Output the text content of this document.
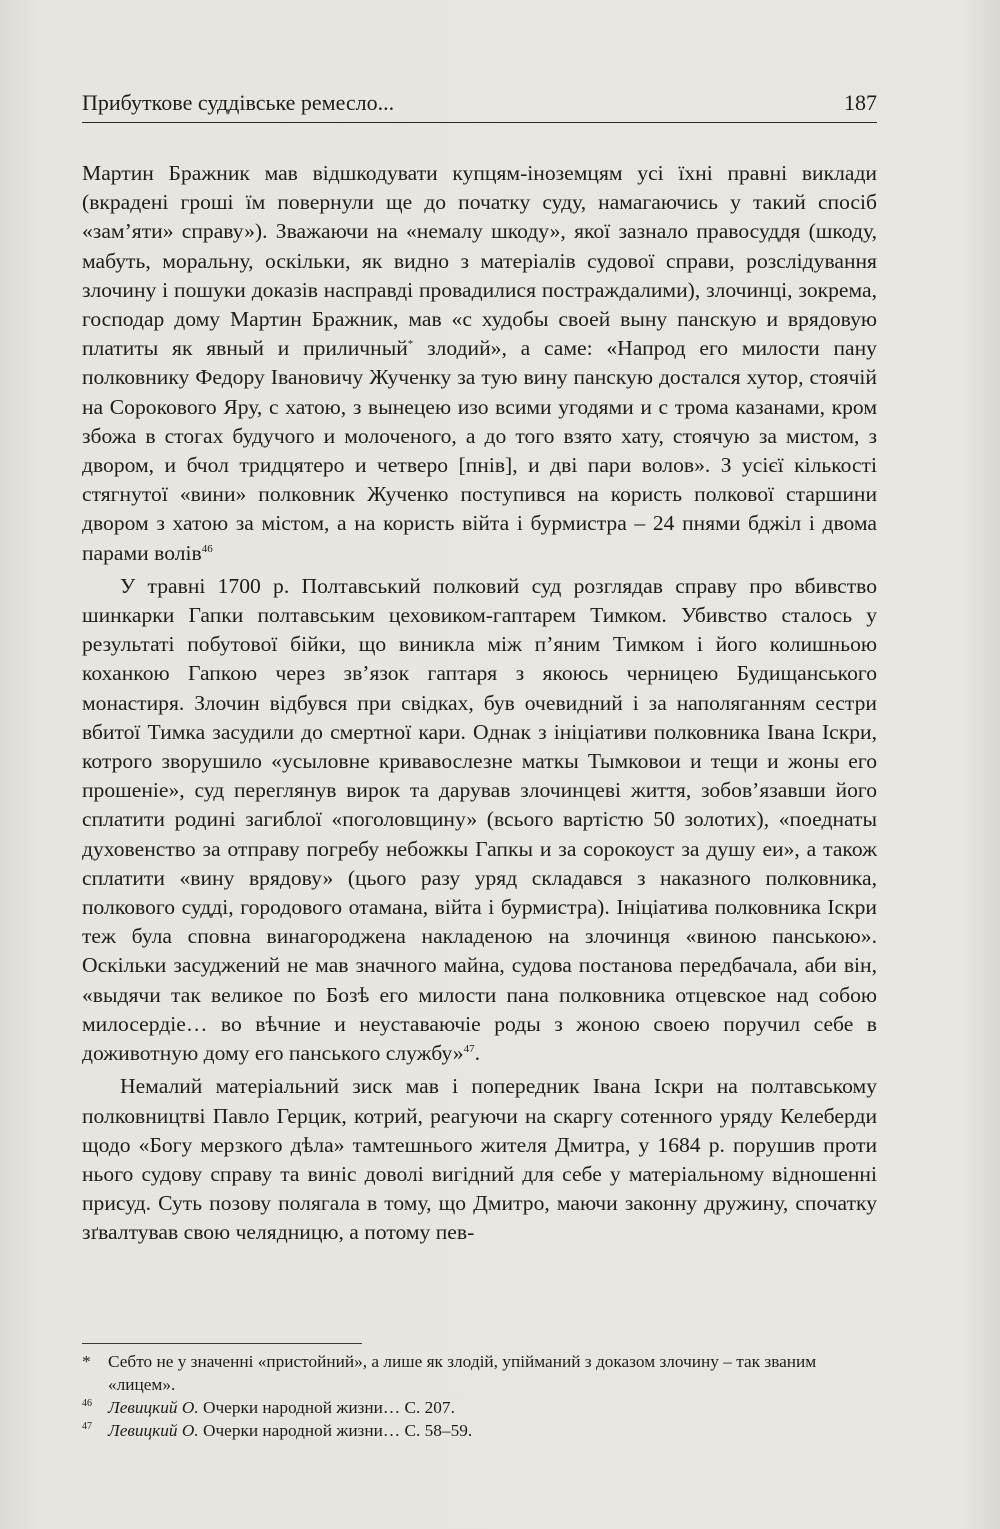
Прибутковe суддівське ремесло...	187

Мартин Бражник мав відшкодувати купцям-іноземцям усі їхні правні виклади (вкрадені гроші їм повернули ще до початку суду, намагаючись у такий спосіб «зам’яти» справу»). Зважаючи на «немалу шкоду», якої зазнало правосуддя (шкоду, мабуть, моральну, оскільки, як видно з матеріалів судової справи, розслідування злочину і пошуки доказів насправді провадилися постраждалими), злочинці, зокрема, господар дому Мартин Бражник, мав «с худобы своей выну панскую и врядовую платиты як явный и приличный* злодий», а саме: «Напрод его милости пану полковнику Федору Івановичу Жученку за тую вину панскую достался хутор, стоячій на Сорокового Яру, с хатою, з вынецею изо всими угодями и с трома казанами, кром збожа в стогах будучого и молоченого, а до того взято хату, стоячую за мистом, з двором, и бчол тридцятеро и четверо [пнів], и двi пари волов». З усієї кількості стягнутої «вини» полковник Жученко поступився на користь полкової старшини двором з хатою за містом, а на користь війта і бурмистра – 24 пнями бджіл і двома парами волів$^{46}$

У травні 1700 р. Полтавський полковий суд розглядав справу про вбивство шинкарки Гапки полтавським цеховиком-гаптарем Тимком. Убивство сталось у результаті побутової бійки, що виникла між п’яним Тимком і його колишньою коханкою Гапкою через зв’язок гаптаря з якоюсь черницею Будищанського монастиря. Злочин відбувся при свідках, був очевидний і за наполяганням сестри вбитої Тимка засудили до смертної кари. Однак з ініціативи полковника Івана Іскри, котрого зворушило «усыловне кривавослезне маткы Тымковои и тещи и жоны его прошеніе», суд переглянув вирок та дарував злочинцеві життя, зобов’язавши його сплатити родині загиблої «поголовщину» (всього вартістю 50 золотих), «поеднаты духовенство за отправу погребу небожкы Гапкы и за сорокоуст за душу еи», а також сплатити «вину врядову» (цього разу уряд складався з наказного полковника, полкового судді, городового отамана, війта і бурмистра). Ініціатива полковника Іскри теж була сповна винагороджена накладеною на злочинця «виною панською». Оскільки засуджений не мав значного майна, судова постанова передбачала, аби він, «выдячи так великое по Бозѣ его милости пана полковника отцевское над собою милосердіе… во вѣчние и неуставаючіе роды з жоною своею поручил себе в доживотную дому его панського службу»$^{47}$.

Немалий матеріальний зиск мав і попередник Івана Іскри на полтавському полковництві Павло Герцик, котрий, реагуючи на скаргу сотенного уряду Келеберди щодо «Богу мерзкого дѣла» тамтешнього жителя Дмитра, у 1684 р. порушив проти нього судову справу та виніс доволі вигідний для себе у матеріальному відношенні присуд. Суть позову полягала в тому, що Дмитро, маючи законну дружину, спочатку зґвалтував свою челядницю, а потому пев-

*	Себто не у значенні «пристойний», а лише як злодій, упійманий з доказом злочину – так званим «лицем».

$^{46}$ Левицкий О. Очерки народной жизни… С. 207.

$^{47}$ Левицкий О. Очерки народной жизни… С. 58–59.
